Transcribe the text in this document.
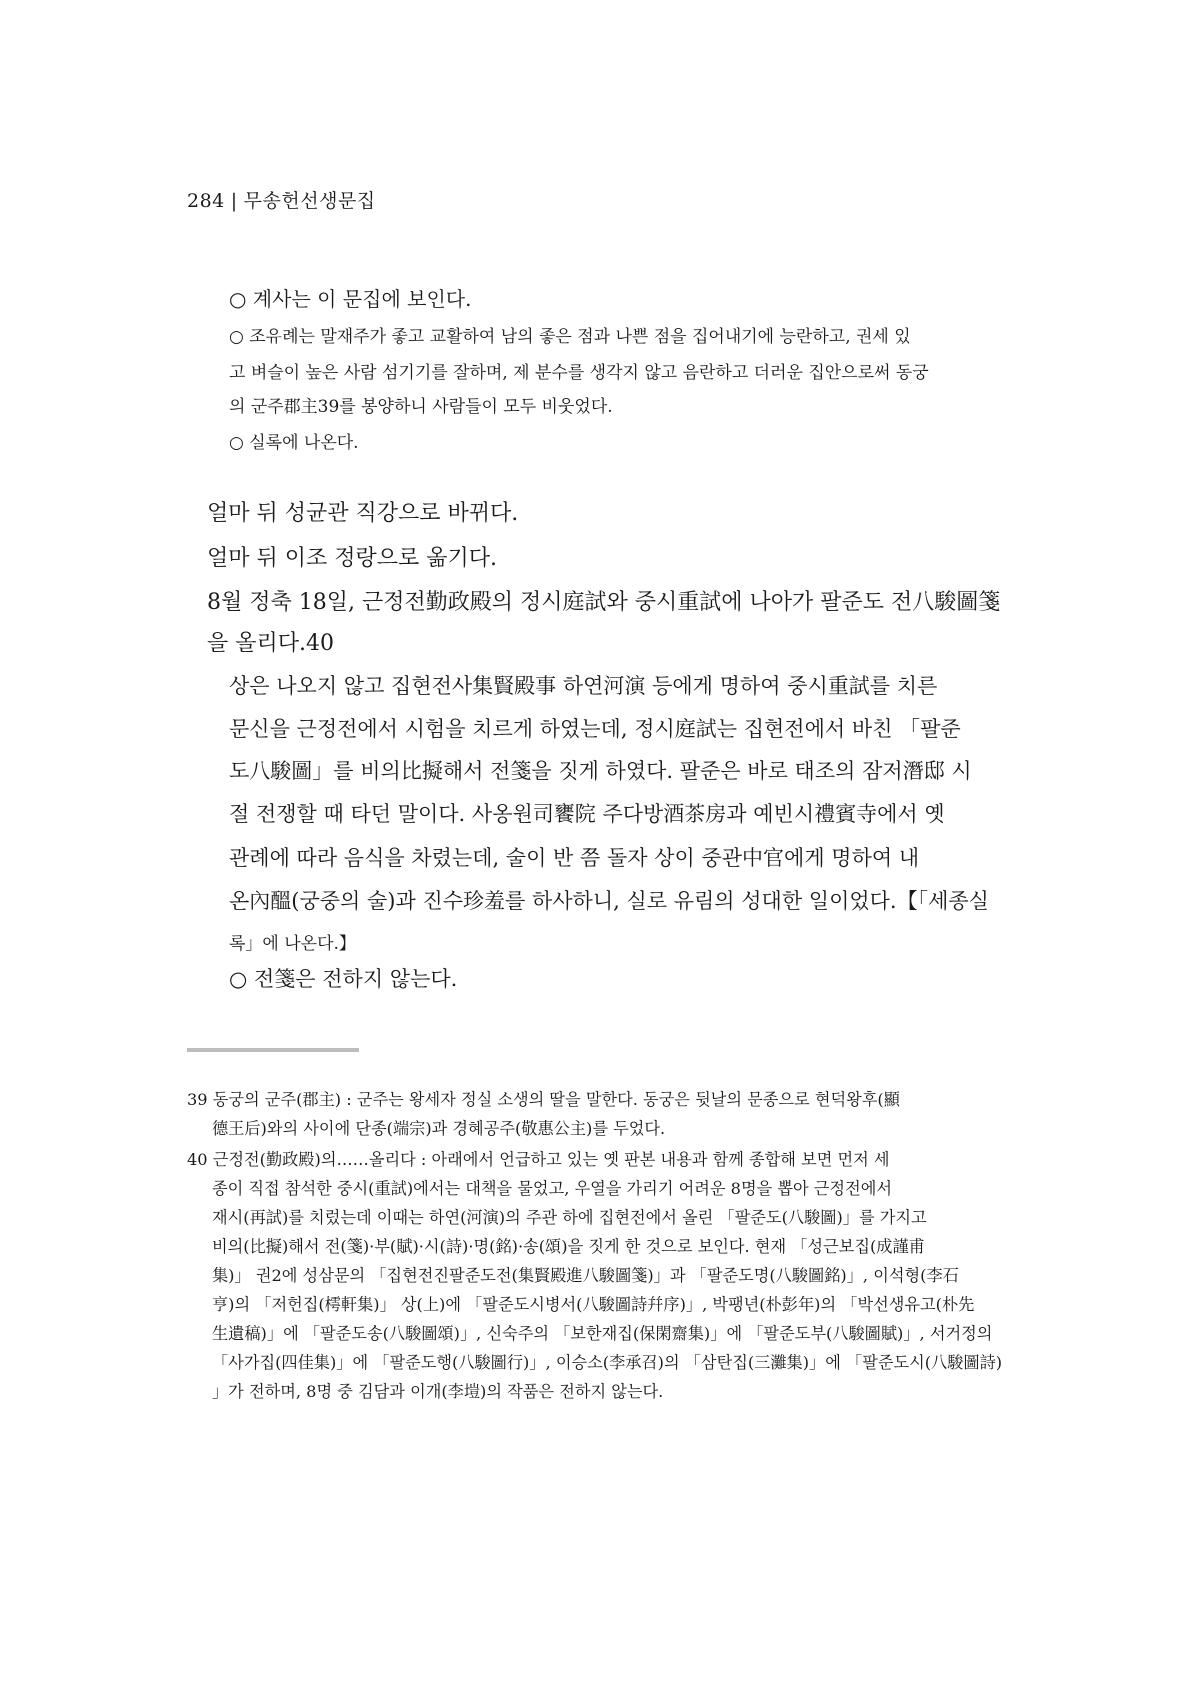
284 | 무송헌선생문집
○ 계사는 이 문집에 보인다.
○ 조유례는 말재주가 좋고 교활하여 남의 좋은 점과 나쁜 점을 집어내기에 능란하고, 권세 있
고 벼슬이 높은 사람 섬기기를 잘하며, 제 분수를 생각지 않고 음란하고 더러운 집안으로써 동궁
의 군주郡主39를 봉양하니 사람들이 모두 비웃었다.
○ 실록에 나온다.
얼마 뒤 성균관 직강으로 바뀌다.
얼마 뒤 이조 정랑으로 옮기다.
8월 정축 18일, 근정전勤政殿의 정시庭試와 중시重試에 나아가 팔준도 전八駿圖箋
을 올리다.40
상은 나오지 않고 집현전사集賢殿事 하연河演 등에게 명하여 중시重試를 치른
문신을 근정전에서 시험을 치르게 하였는데, 정시庭試는 집현전에서 바친 「팔준
도八駿圖」를 비의比擬해서 전箋을 짓게 하였다. 팔준은 바로 태조의 잠저潛邸 시
절 전쟁할 때 타던 말이다. 사옹원司饔院 주다방酒茶房과 예빈시禮賓寺에서 옛
관례에 따라 음식을 차렸는데, 술이 반 쯤 돌자 상이 중관中官에게 명하여 내
온內醞(궁중의 술)과 진수珍羞를 하사하니, 실로 유림의 성대한 일이었다.【「세종실
록」에 나온다.】
○ 전箋은 전하지 않는다.
39 동궁의 군주(郡主) : 군주는 왕세자 정실 소생의 딸을 말한다. 동궁은 뒷날의 문종으로 현덕왕후(顯
德王后)와의 사이에 단종(端宗)과 경혜공주(敬惠公主)를 두었다.
40 근정전(勤政殿)의……올리다 : 아래에서 언급하고 있는 옛 판본 내용과 함께 종합해 보면 먼저 세
종이 직접 참석한 중시(重試)에서는 대책을 물었고, 우열을 가리기 어려운 8명을 뽑아 근정전에서
재시(再試)를 치렀는데 이때는 하연(河演)의 주관 하에 집현전에서 올린 「팔준도(八駿圖)」를 가지고
비의(比擬)해서 전(箋)·부(賦)·시(詩)·명(銘)·송(頌)을 짓게 한 것으로 보인다. 현재 「성근보집(成謹甫
集)」 권2에 성삼문의 「집현전진팔준도전(集賢殿進八駿圖箋)」과 「팔준도명(八駿圖銘)」, 이석형(李石
亨)의 「저헌집(樗軒集)」 상(上)에 「팔준도시병서(八駿圖詩幷序)」, 박팽년(朴彭年)의 「박선생유고(朴先
生遺稿)」에 「팔준도송(八駿圖頌)」, 신숙주의 「보한재집(保閑齋集)」에 「팔준도부(八駿圖賦)」, 서거정의
「사가집(四佳集)」에 「팔준도행(八駿圖行)」, 이승소(李承召)의 「삼탄집(三灘集)」에 「팔준도시(八駿圖詩)
」가 전하며, 8명 중 김담과 이개(李塏)의 작품은 전하지 않는다.
